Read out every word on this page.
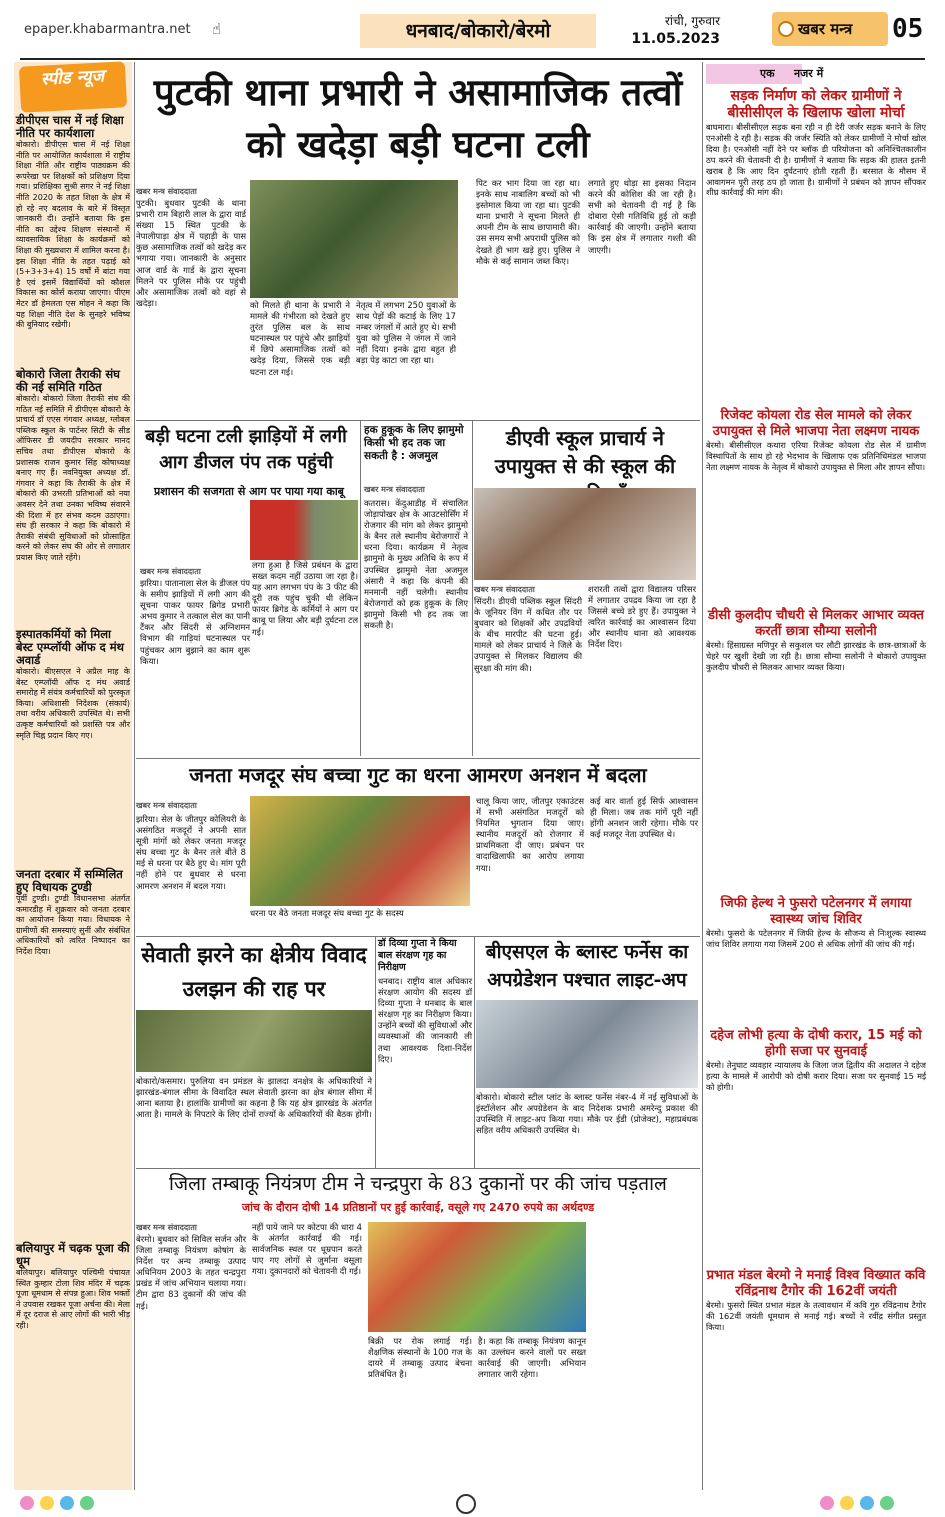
epaper.khabarmantra.net ☝	धनबाद/बोकारो/बेरमो	रांची, गुरुवार
11.05.2023
खबर मन्त्र	05
स्पीड न्यूज
डीपीएस चास में नई शिक्षा नीति पर कार्यशाला
बोकारो। डीपीएस चास में नई शिक्षा नीति पर आयोजित कार्यशाला में राष्ट्रीय शिक्षा नीति और राष्ट्रीय पाठ्यक्रम की रूपरेखा पर शिक्षकों को प्रशिक्षण दिया गया। प्रशिक्षिका सुश्री सगर ने नई शिक्षा नीति 2020 के तहत शिक्षा के क्षेत्र में हो रहे नए बदलाव के बारे में विस्तृत जानकारी दी। उन्होंने बताया कि इस नीति का उद्देश्य शिक्षण संस्थानों में व्यावसायिक शिक्षा के कार्यक्रमों को शिक्षा की मुख्यधारा में शामिल करना है। इस शिक्षा नीति के तहत पढ़ाई को (5+3+3+4) 15 वर्षों में बांटा गया है एवं इसमें विद्यार्थियों को कौशल विकास का कोर्स कराया जाएगा। पीएम मेटर डॉ हेमलता एस मोहन ने कहा कि यह शिक्षा नीति देश के सुनहरे भविष्य की बुनियाद रखेगी।
बोकारो जिला तैराकी संघ की नई समिति गठित
बोकारो। बोकारो जिला तैराकी संघ की गठित नई समिति में डीपीएस बोकारो के प्राचार्य डॉ एएस गंगवार अध्यक्ष, ग्लोबल पब्लिक स्कूल के पार्टनर सिटी के सीड ऑफिसर डी जयदीप सरकार मानद सचिव तथा डीपीएस बोकारो के प्रशासक राजन कुमार सिंह कोषाध्यक्ष बनाए गए हैं। नवनियुक्त अध्यक्ष डॉ. गंगवार ने कहा कि तैराकी के क्षेत्र में बोकारो की उभरती प्रतिभाओं को नया अवसर देने तथा उनका भविष्य संवारने की दिशा में हर संभव कदम उठाएगा। संघ ही सरकार ने कहा कि बोकारो में तैराकी संबंधी सुविधाओं को प्रोत्साहित करने को लेकर संघ की ओर से लगातार प्रयास किए जाते रहेंगे।
इस्पातकर्मियों को मिला बेस्ट एम्प्लॉयी ऑफ द मंथ अवार्ड
बोकारो। बीएसएल ने अप्रैल माह के बेस्ट एम्प्लॉयी ऑफ द मंथ अवार्ड समारोह में संयंत्र कर्मचारियों को पुरस्कृत किया। अधिशासी निदेशक (संकार्य) तथा वरीय अधिकारी उपस्थित थे। सभी उत्कृष्ट कर्मचारियों को प्रशस्ति पत्र और स्मृति चिह्न प्रदान किए गए।
जनता दरबार में सम्मिलित हुए विधायक टुण्डी
पूर्वी टुण्डी। टुण्डी विधानसभा अंतर्गत कमारडीह में शुक्रवार को जनता दरबार का आयोजन किया गया। विधायक ने ग्रामीणों की समस्याएं सुनीं और संबंधित अधिकारियों को त्वरित निष्पादन का निर्देश दिया।
बलियापुर में चढ़क पूजा की धूम
बलियापुर। बलियापुर पश्चिमी पंचायत स्थित कुम्हार टोला शिव मंदिर में चढ़क पूजा धूमधाम से संपन्न हुआ। शिव भक्तों ने उपवास रखकर पूजा अर्चना की। मेला में दूर दराज से आए लोगों की भारी भीड़ रही।
पुटकी थाना प्रभारी ने असामाजिक तत्वों को खदेड़ा बड़ी घटना टली
खबर मन्त्र संवाददाता
पुटकी। बुधवार पुटकी के थाना प्रभारी राम बिहारी लाल के द्वारा वार्ड संख्या 15 स्थित पुटकी के नेपालीपाड़ा क्षेत्र में पहाड़ी के पास कुछ असामाजिक तत्वों को खदेड़ कर भगाया गया। जानकारी के अनुसार आज वार्ड के गार्ड के द्वारा सूचना मिलने पर पुलिस मौके पर पहुंची और असामाजिक तत्वों को वहां से खदेड़ा।	को मिलते ही थाना के प्रभारी ने मामले की गंभीरता को देखते हुए तुरंत पुलिस बल के साथ घटनास्थल पर पहुंचे और झाड़ियों में छिपे असामाजिक तत्वों को खदेड़ दिया, जिससे एक बड़ी घटना टल गई।
नेतृत्व में लगभग 250 युवाओं के साथ पेड़ों की कटाई के लिए 17 नम्बर जंगलों में आते हुए थे। सभी युवा को पुलिस ने जंगल में जाने नहीं दिया। इनके द्वारा बहुत ही बड़ा पेड़ काटा जा रहा था।
पिट कर भाग दिया जा रहा था। इनके साथ नाबालिग बच्चों को भी इस्तेमाल किया जा रहा था। पुटकी थाना प्रभारी ने सूचना मिलते ही अपनी टीम के साथ छापामारी की। उस समय सभी अपराधी पुलिस को देखते ही भाग खड़े हुए। पुलिस ने मौके से कई सामान जब्त किए।
लगाते हुए थोड़ा सा इसका निदान करने की कोशिश की जा रही है। सभी को चेतावनी दी गई है कि दोबारा ऐसी गतिविधि हुई तो कड़ी कार्रवाई की जाएगी। उन्होंने बताया कि इस क्षेत्र में लगातार गश्ती की जाएगी।
बड़ी घटना टली झाड़ियों में लगी आग डीजल पंप तक पहुंची
प्रशासन की सजगता से आग पर पाया गया काबू
खबर मन्त्र संवाददाता
झरिया। पातानाला सेल के डीजल पंप के समीप झाड़ियों में लगी आग की सूचना पाकर फायर ब्रिगेड प्रभारी अभय कुमार ने तत्काल सेल का पानी टैंकर और सिंदरी से अग्निशमन विभाग की गाड़ियां घटनास्थल पर पहुंचकर आग बुझाने का काम शुरू किया।
लगा हुआ है जिसे प्रबंधन के द्वारा सख्त कदम नहीं उठाया जा रहा है। यह आग लगभग पंप के 3 फीट की दूरी तक पहुंच चुकी थी लेकिन फायर ब्रिगेड के कर्मियों ने आग पर काबू पा लिया और बड़ी दुर्घटना टल गई।
हक हुकूक के लिए झामुमो किसी भी हद तक जा सकती है : अजमुल
खबर मन्त्र संवाददाता
कतरास। केंदुआडीह में संचालित जोड़ापोखर क्षेत्र के आउटसोर्सिंग में रोजगार की मांग को लेकर झामुमो के बैनर तले स्थानीय बेरोजगारों ने धरना दिया। कार्यक्रम में नेतृत्व झामुमो के मुख्य अतिथि के रूप में उपस्थित झामुमो नेता अजमुल अंसारी ने कहा कि कंपनी की मनमानी नहीं चलेगी। स्थानीय बेरोजगारों को हक हुकूक के लिए झामुमो किसी भी हद तक जा सकती है।
डीएवी स्कूल प्राचार्य ने उपायुक्त से की स्कूल की
खबर मन्त्र संवाददाता
सिंदरी। डीएवी पब्लिक स्कूल सिंदरी के जूनियर विंग में कथित तौर पर बुधवार को शिक्षकों और उपद्रवियों के बीच मारपीट की घटना हुई। मामले को लेकर प्राचार्य ने जिले के उपायुक्त से मिलकर विद्यालय की सुरक्षा की मांग की।
शरारती तत्वों द्वारा विद्यालय परिसर में लगातार उपद्रव किया जा रहा है जिससे बच्चे डरे हुए हैं। उपायुक्त ने त्वरित कार्रवाई का आश्वासन दिया और स्थानीय थाना को आवश्यक निर्देश दिए।
जनता मजदूर संघ बच्चा गुट का धरना आमरण अनशन में बदला
खबर मन्त्र संवाददाता
झरिया। सेल के जीतपुर कोलियरी के असंगठित मजदूरों ने अपनी सात सूत्री मांगों को लेकर जनता मजदूर संघ बच्चा गुट के बैनर तले बीते 8 मई से धरना पर बैठे हुए थे। मांग पूरी नहीं होने पर बुधवार से धरना आमरण अनशन में बदल गया।
धरना पर बैठे जनता मजदूर संघ बच्चा गुट के सदस्य
चालू किया जाए, जीतपुर एकाउंटस में सभी असंगठित मजदूरों को नियमित भुगतान दिया जाए। स्थानीय मजदूरों को रोजगार में प्राथमिकता दी जाए। प्रबंधन पर वादाखिलाफी का आरोप लगाया गया।
कई बार वार्ता हुई सिर्फ आश्वासन ही मिला। जब तक मांगें पूरी नहीं होंगी अनशन जारी रहेगा। मौके पर कई मजदूर नेता उपस्थित थे।
सेवाती झरने का क्षेत्रीय विवाद उलझन की राह पर
बोकारो/कसमार। पुरुलिया वन प्रमंडल के झालदा वनक्षेत्र के अधिकारियों ने झारखंड-बंगाल सीमा के विवादित स्थल सेवाती झरना का क्षेत्र बंगाल सीमा में आना बताया है। हालांकि ग्रामीणों का कहना है कि यह क्षेत्र झारखंड के अंतर्गत आता है। मामले के निपटारे के लिए दोनों राज्यों के अधिकारियों की बैठक होगी।
डॉ दिव्या गुप्ता ने किया बाल संरक्षण गृह का निरीक्षण
धनबाद। राष्ट्रीय बाल अधिकार संरक्षण आयोग की सदस्य डॉ दिव्या गुप्ता ने धनबाद के बाल संरक्षण गृह का निरीक्षण किया। उन्होंने बच्चों की सुविधाओं और व्यवस्थाओं की जानकारी ली तथा आवश्यक दिशा-निर्देश दिए।
बीएसएल के ब्लास्ट फर्नेस का अपग्रेडेशन पश्चात लाइट-अप
बोकारो। बोकारो स्टील प्लांट के ब्लास्ट फर्नेस नंबर-4 में नई सुविधाओं के इंस्टॉलेशन और अपग्रेडेशन के बाद निदेशक प्रभारी अमरेन्दु प्रकाश की उपस्थिति में लाइट-अप किया गया। मौके पर ईडी (प्रोजेक्ट), महाप्रबंधक सहित वरीय अधिकारी उपस्थित थे।
जिला तम्बाकू नियंत्रण टीम ने चन्द्रपुरा के 83 दुकानों पर की जांच पड़ताल
जांच के दौरान दोषी 14 प्रतिष्ठानों पर हुई कार्रवाई, वसूले गए 2470 रुपये का अर्थदण्ड
खबर मन्त्र संवाददाता
बेरमो। बुधवार को सिविल सर्जन और जिला तम्बाकू नियंत्रण कोषांग के निर्देश पर अन्य तम्बाकू उत्पाद अधिनियम 2003 के तहत चन्द्रपुरा प्रखंड में जांच अभियान चलाया गया। टीम द्वारा 83 दुकानों की जांच की गई।
नहीं पाये जाने पर कोटपा की धारा 4 के अंतर्गत कार्रवाई की गई। सार्वजनिक स्थल पर धूम्रपान करते पाए गए लोगों से जुर्माना वसूला गया। दुकानदारों को चेतावनी दी गई।
बिक्री पर रोक लगाई गई। शैक्षणिक संस्थानों के 100 गज के दायरे में तम्बाकू उत्पाद बेचना प्रतिबंधित है।
है। कहा कि तम्बाकू नियंत्रण कानून का उल्लंघन करने वालों पर सख्त कार्रवाई की जाएगी। अभियान लगातार जारी रहेगा।
एक	नजर में
सड़क निर्माण को लेकर ग्रामीणों ने बीसीसीएल के खिलाफ खोला मोर्चा
बाघमारा। बीसीसीएल सड़क बना रही न ही देरी जर्जर सड़क बनाने के लिए एनओसी दे रही है। सड़क की जर्जर स्थिति को लेकर ग्रामीणों ने मोर्चा खोल दिया है। एनओसी नहीं देने पर ब्लॉक डी परियोजना को अनिश्चितकालीन ठप करने की चेतावनी दी है। ग्रामीणों ने बताया कि सड़क की हालत इतनी खराब है कि आए दिन दुर्घटनाएं होती रहती हैं। बरसात के मौसम में आवागमन पूरी तरह ठप हो जाता है। ग्रामीणों ने प्रबंधन को ज्ञापन सौंपकर शीघ्र कार्रवाई की मांग की।
रिजेक्ट कोयला रोड सेल मामले को लेकर उपायुक्त से मिले भाजपा नेता लक्ष्मण नायक
बेरमो। बीसीसीएल कथारा एरिया रिजेक्ट कोयला रोड सेल में ग्रामीण विस्थापितों के साथ हो रहे भेदभाव के खिलाफ एक प्रतिनिधिमंडल भाजपा नेता लक्ष्मण नायक के नेतृत्व में बोकारो उपायुक्त से मिला और ज्ञापन सौंपा।
डीसी कुलदीप चौधरी से मिलकर आभार व्यक्त करतीं छात्रा सौम्या सलोनी
बेरमो। हिंसाग्रस्त मणिपुर से सकुशल घर लौटी झारखंड के छात्र-छात्राओं के चेहरे पर खुशी देखी जा रही है। छात्रा सौम्या सलोनी ने बोकारो उपायुक्त कुलदीप चौधरी से मिलकर आभार व्यक्त किया।
जिफी हेल्थ ने फुसरो पटेलनगर में लगाया स्वास्थ्य जांच शिविर
बेरमो। फुसरो के पटेलनगर में जिफी हेल्थ के सौजन्य से निःशुल्क स्वास्थ्य जांच शिविर लगाया गया जिसमें 200 से अधिक लोगों की जांच की गई।
दहेज लोभी हत्या के दोषी करार, 15 मई को होगी सजा पर सुनवाई
बेरमो। तेनुघाट व्यवहार न्यायालय के जिला जज द्वितीय की अदालत ने दहेज हत्या के मामले में आरोपी को दोषी करार दिया। सजा पर सुनवाई 15 मई को होगी।
प्रभात मंडल बेरमो ने मनाई विश्व विख्यात कवि रविंद्रनाथ टैगोर की 162वीं जयंती
बेरमो। फुसरो स्थित प्रभात मंडल के तत्वावधान में कवि गुरु रविंद्रनाथ टैगोर की 162वीं जयंती धूमधाम से मनाई गई। बच्चों ने रवींद्र संगीत प्रस्तुत किया।
